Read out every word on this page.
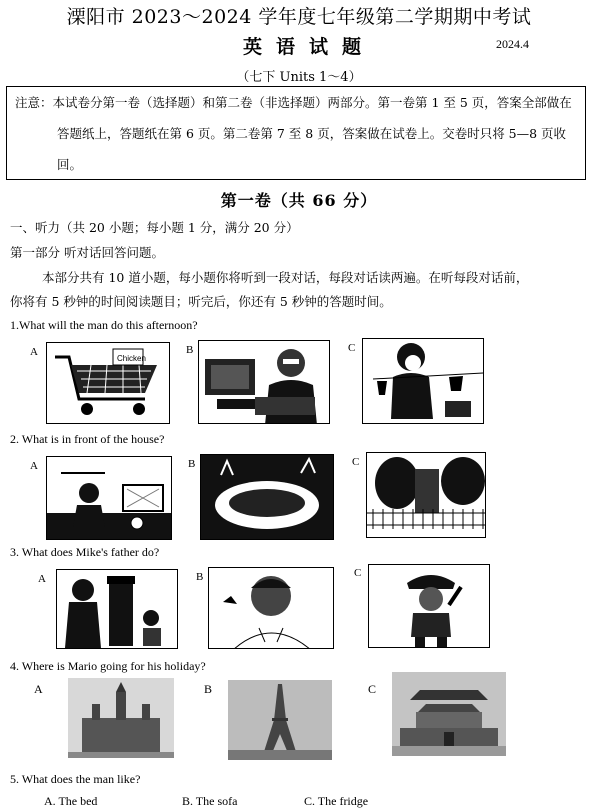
溧阳市 2023～2024 学年度七年级第二学期期中考试
英语试题	2024.4
（七下 Units 1～4）
注意：本试卷分第一卷（选择题）和第二卷（非选择题）两部分。第一卷第 1 至 5 页，答案全部做在答题纸上，答题纸在第 6 页。第二卷第 7 至 8 页，答案做在试卷上。交卷时只将 5—8 页收回。
第一卷（共 66 分）
一、听力（共 20 小题；每小题 1 分，满分 20 分）
第一部分 听对话回答问题。
本部分共有 10 道小题，每小题你将听到一段对话，每段对话读两遍。在听每段对话前，
你将有 5 秒钟的时间阅读题目；听完后，你还有 5 秒钟的答题时间。
1.What will the man do this afternoon?
A
Chicken
B	C
2. What is in front of the house?
A	B	C
3. What does Mike's father do?
A	B	C
4. Where is Mario going for his holiday?
A	B	C
5. What does the man like?
A. The bed	B. The sofa	C. The fridge
